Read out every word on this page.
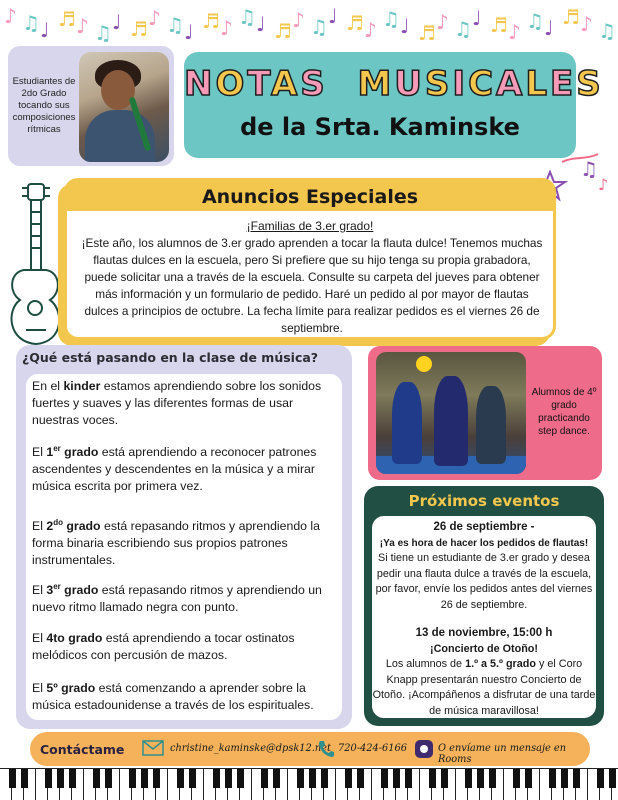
♪ ♫ ♩ ♬ ♪ ♫ ♩ ♬ ♪ ♫ ♩ ♬ ♪ ♫ ♩ ♬ ♪ ♫ ♩ ♬ ♪ ♫ ♩ ♬ ♪ ♫ ♩ ♬ ♪ ♫ ♩ ♬ ♪ ♫
Estudiantes de 2do Grado tocando sus composiciones rítmicas
NOTAS MUSICALES
de la Srta. Kaminske
♫
♪
Anuncios Especiales
¡Familias de 3.er grado!
¡Este año, los alumnos de 3.er grado aprenden a tocar la flauta dulce! Tenemos muchas flautas dulces en la escuela, pero Si prefiere que su hijo tenga su propia grabadora, puede solicitar una a través de la escuela. Consulte su carpeta del jueves para obtener más información y un formulario de pedido. Haré un pedido al por mayor de flautas dulces a principios de octubre. La fecha límite para realizar pedidos es el viernes 26 de septiembre.
¿Qué está pasando en la clase de música?
En el kinder estamos aprendiendo sobre los sonidos fuertes y suaves y las diferentes formas de usar nuestras voces.
El 1er grado está aprendiendo a reconocer patrones ascendentes y descendentes en la música y a mirar música escrita por primera vez.
El $2^{do}$ grado está repasando ritmos y aprendiendo la forma binaria escribiendo sus propios patrones instrumentales.
El 3er grado está repasando ritmos y aprendiendo un nuevo ritmo llamado negra con punto.
El 4to grado está aprendiendo a tocar ostinatos melódicos con percusión de mazos.
El 5º grado está comenzando a aprender sobre la música estadounidense a través de los espirituales.
Alumnos de 4º grado practicando step dance.
Próximos eventos
26 de septiembre -
¡Ya es hora de hacer los pedidos de flautas!
Si tiene un estudiante de 3.er grado y desea pedir una flauta dulce a través de la escuela, por favor, envíe los pedidos antes del viernes 26 de septiembre.
13 de noviembre, 15:00 h
¡Concierto de Otoño!
Los alumnos de 1.º a 5.º grado y el Coro Knapp presentarán nuestro Concierto de Otoño. ¡Acompáñenos a disfrutar de una tarde de música maravillosa!
Contáctame	christine_kaminske@dpsk12.net 720-424-6166	O envíame un mensaje en Rooms
